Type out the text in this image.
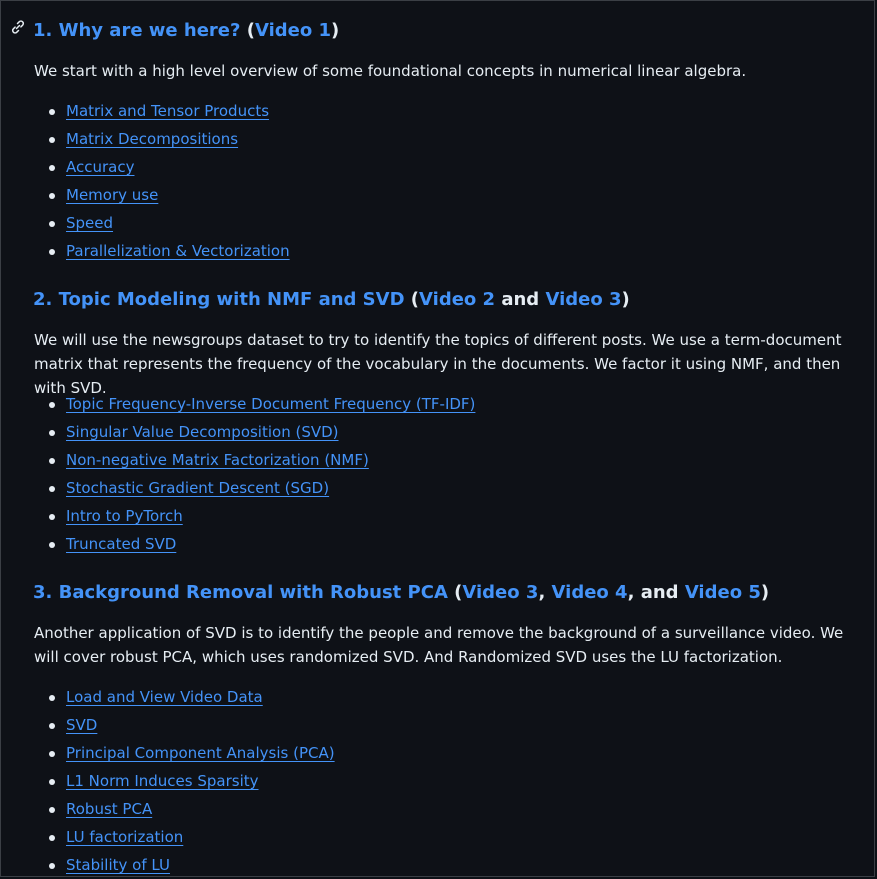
1. Why are we here? (Video 1)
We start with a high level overview of some foundational concepts in numerical linear algebra.
Matrix and Tensor Products
Matrix Decompositions
Accuracy
Memory use
Speed
Parallelization & Vectorization
2. Topic Modeling with NMF and SVD (Video 2 and Video 3)
We will use the newsgroups dataset to try to identify the topics of different posts. We use a term-document matrix that represents the frequency of the vocabulary in the documents. We factor it using NMF, and then with SVD.
Topic Frequency-Inverse Document Frequency (TF-IDF)
Singular Value Decomposition (SVD)
Non-negative Matrix Factorization (NMF)
Stochastic Gradient Descent (SGD)
Intro to PyTorch
Truncated SVD
3. Background Removal with Robust PCA (Video 3, Video 4, and Video 5)
Another application of SVD is to identify the people and remove the background of a surveillance video. We will cover robust PCA, which uses randomized SVD. And Randomized SVD uses the LU factorization.
Load and View Video Data
SVD
Principal Component Analysis (PCA)
L1 Norm Induces Sparsity
Robust PCA
LU factorization
Stability of LU
